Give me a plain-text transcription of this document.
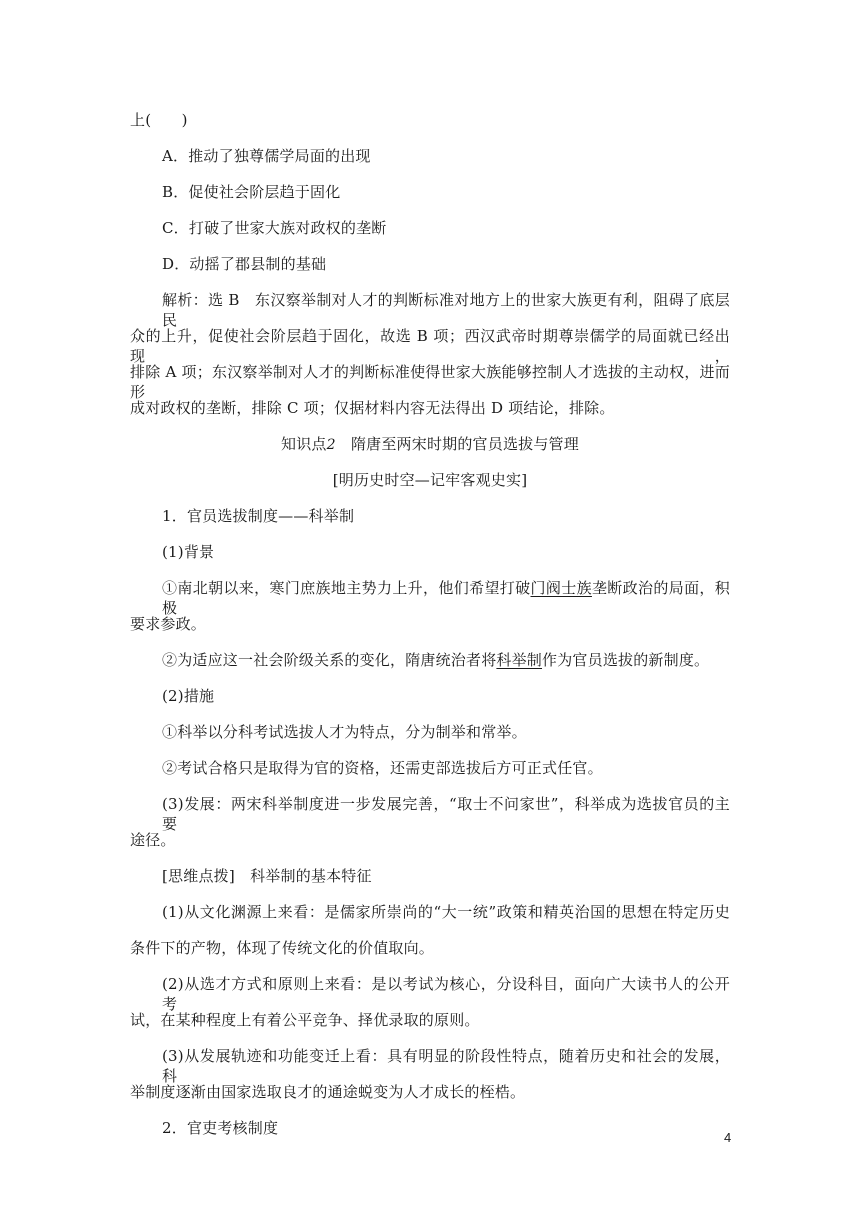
上(　　)
A．推动了独尊儒学局面的出现
B．促使社会阶层趋于固化
C．打破了世家大族对政权的垄断
D．动摇了郡县制的基础
解析：选 B　东汉察举制对人才的判断标准对地方上的世家大族更有利，阻碍了底层民
众的上升，促使社会阶层趋于固化，故选 B 项；西汉武帝时期尊崇儒学的局面就已经出现，
排除 A 项；东汉察举制对人才的判断标准使得世家大族能够控制人才选拔的主动权，进而形
成对政权的垄断，排除 C 项；仅据材料内容无法得出 D 项结论，排除。
知识点2　 隋唐至两宋时期的官员选拔与管理
[明历史时空—记牢客观史实]
1．官员选拔制度——科举制
(1)背景
①南北朝以来，寒门庶族地主势力上升，他们希望打破门阀士族垄断政治的局面，积极
要求参政。
②为适应这一社会阶级关系的变化，隋唐统治者将科举制作为官员选拔的新制度。
(2)措施
①科举以分科考试选拔人才为特点，分为制举和常举。
②考试合格只是取得为官的资格，还需吏部选拔后方可正式任官。
(3)发展：两宋科举制度进一步发展完善，“取士不问家世”，科举成为选拔官员的主要
途径。
[思维点拨]　科举制的基本特征
(1)从文化渊源上来看：是儒家所崇尚的“大一统”政策和精英治国的思想在特定历史
条件下的产物，体现了传统文化的价值取向。
(2)从选才方式和原则上来看：是以考试为核心，分设科目，面向广大读书人的公开考
试，在某种程度上有着公平竞争、择优录取的原则。
(3)从发展轨迹和功能变迁上看：具有明显的阶段性特点，随着历史和社会的发展，科
举制度逐渐由国家选取良才的通途蜕变为人才成长的桎梏。
2．官吏考核制度
4
